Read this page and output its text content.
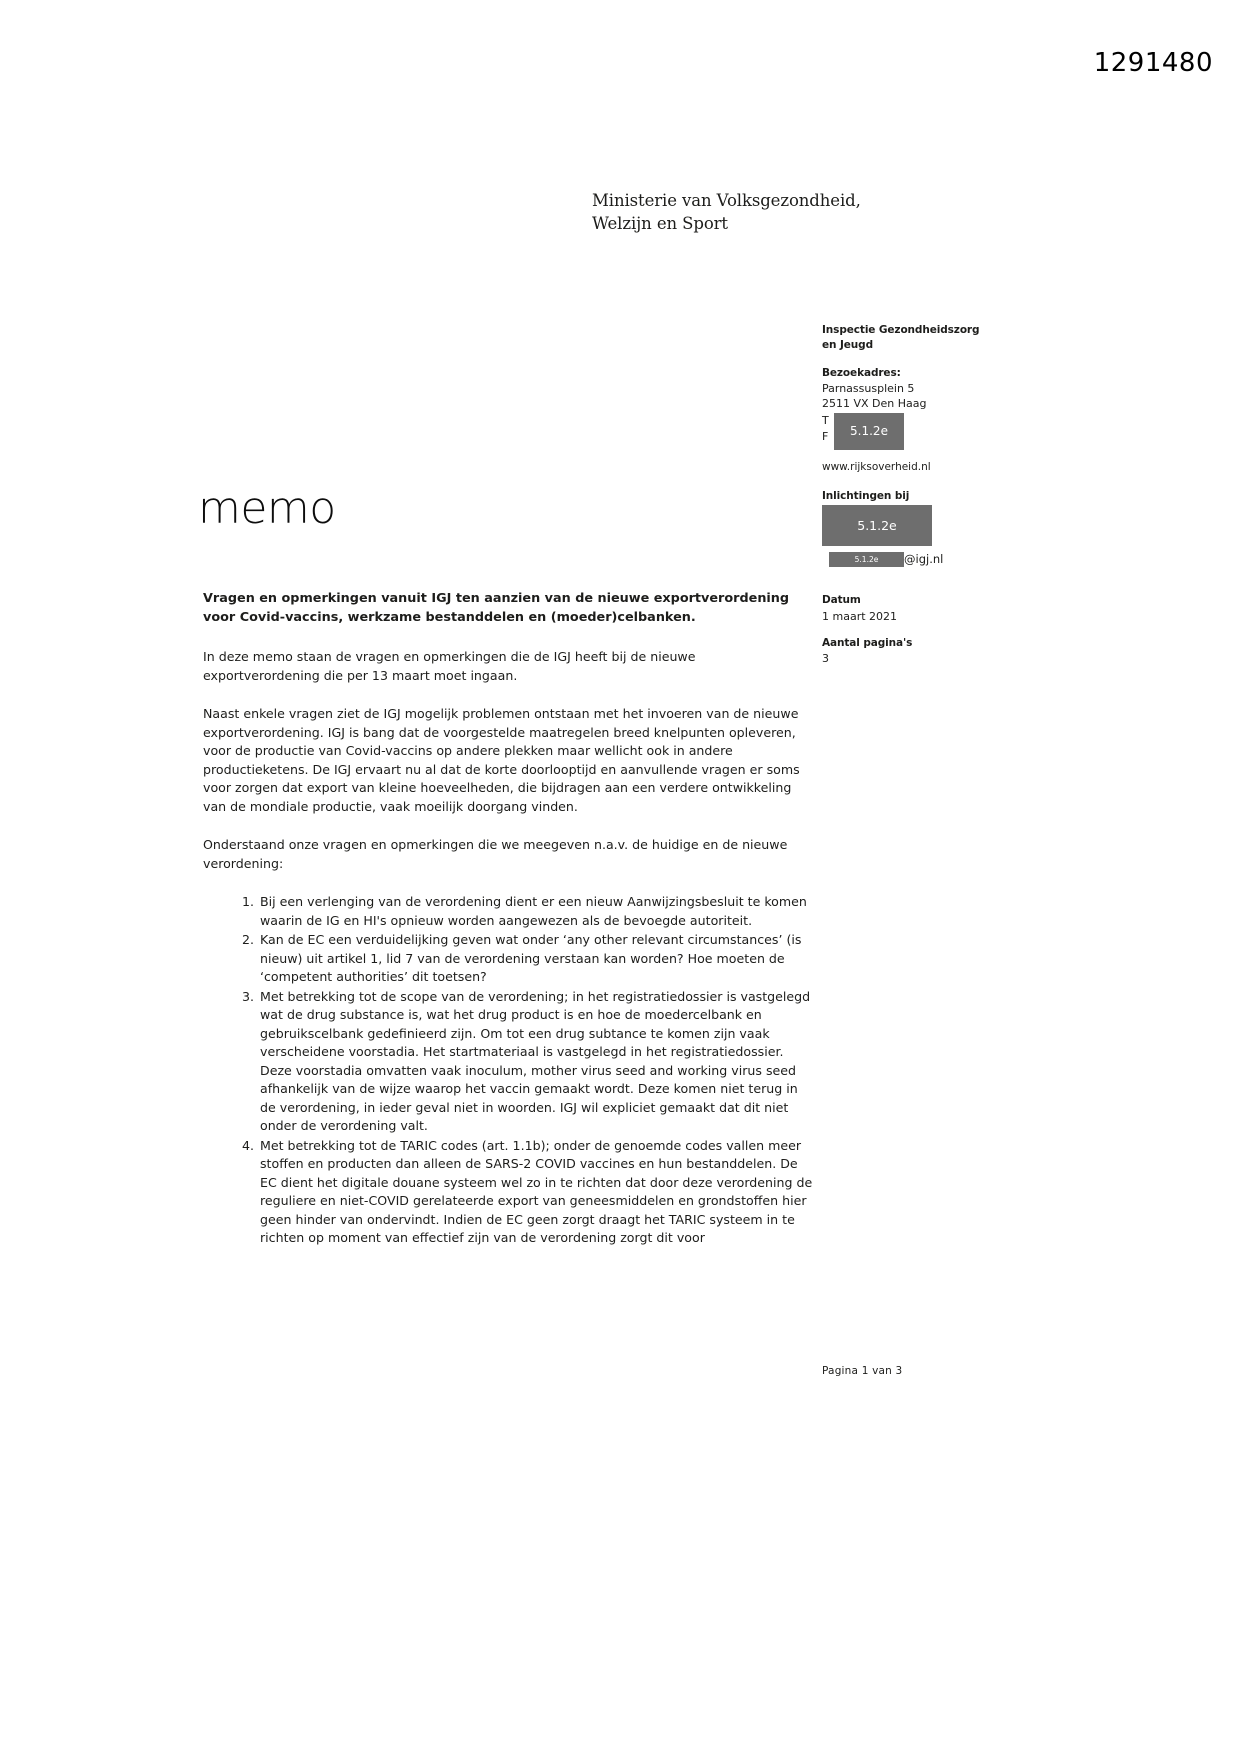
1291480
Ministerie van Volksgezondheid,
Welzijn en Sport
Inspectie Gezondheidszorg
en Jeugd
Bezoekadres:
Parnassusplein 5
2511 VX Den Haag
T
F	5.1.2e
www.rijksoverheid.nl
Inlichtingen bij
5.1.2e
5.1.2e @igj.nl
Datum
1 maart 2021
Aantal pagina's
3
memo

Vragen en opmerkingen vanuit IGJ ten aanzien van de nieuwe exportverordening voor Covid-vaccins, werkzame bestanddelen en (moeder)celbanken.

In deze memo staan de vragen en opmerkingen die de IGJ heeft bij de nieuwe exportverordening die per 13 maart moet ingaan.

Naast enkele vragen ziet de IGJ mogelijk problemen ontstaan met het invoeren van de nieuwe exportverordening. IGJ is bang dat de voorgestelde maatregelen breed knelpunten opleveren, voor de productie van Covid-vaccins op andere plekken maar wellicht ook in andere productieketens. De IGJ ervaart nu al dat de korte doorlooptijd en aanvullende vragen er soms voor zorgen dat export van kleine hoeveelheden, die bijdragen aan een verdere ontwikkeling van de mondiale productie, vaak moeilijk doorgang vinden.

Onderstaand onze vragen en opmerkingen die we meegeven n.a.v. de huidige en de nieuwe verordening:

Bij een verlenging van de verordening dient er een nieuw Aanwijzingsbesluit te komen waarin de IG en HI's opnieuw worden aangewezen als de bevoegde autoriteit.
Kan de EC een verduidelijking geven wat onder ‘any other relevant circumstances’ (is nieuw) uit artikel 1, lid 7 van de verordening verstaan kan worden? Hoe moeten de ‘competent authorities’ dit toetsen?
Met betrekking tot de scope van de verordening; in het registratiedossier is vastgelegd wat de drug substance is, wat het drug product is en hoe de moedercelbank en gebruikscelbank gedefinieerd zijn. Om tot een drug subtance te komen zijn vaak verscheidene voorstadia. Het startmateriaal is vastgelegd in het registratiedossier. Deze voorstadia omvatten vaak inoculum, mother virus seed and working virus seed afhankelijk van de wijze waarop het vaccin gemaakt wordt. Deze komen niet terug in de verordening, in ieder geval niet in woorden. IGJ wil expliciet gemaakt dat dit niet onder de verordening valt.
Met betrekking tot de TARIC codes (art. 1.1b); onder de genoemde codes vallen meer stoffen en producten dan alleen de SARS-2 COVID vaccines en hun bestanddelen. De EC dient het digitale douane systeem wel zo in te richten dat door deze verordening de reguliere en niet-COVID gerelateerde export van geneesmiddelen en grondstoffen hier geen hinder van ondervindt. Indien de EC geen zorgt draagt het TARIC systeem in te richten op moment van effectief zijn van de verordening zorgt dit voor
Pagina 1 van 3
